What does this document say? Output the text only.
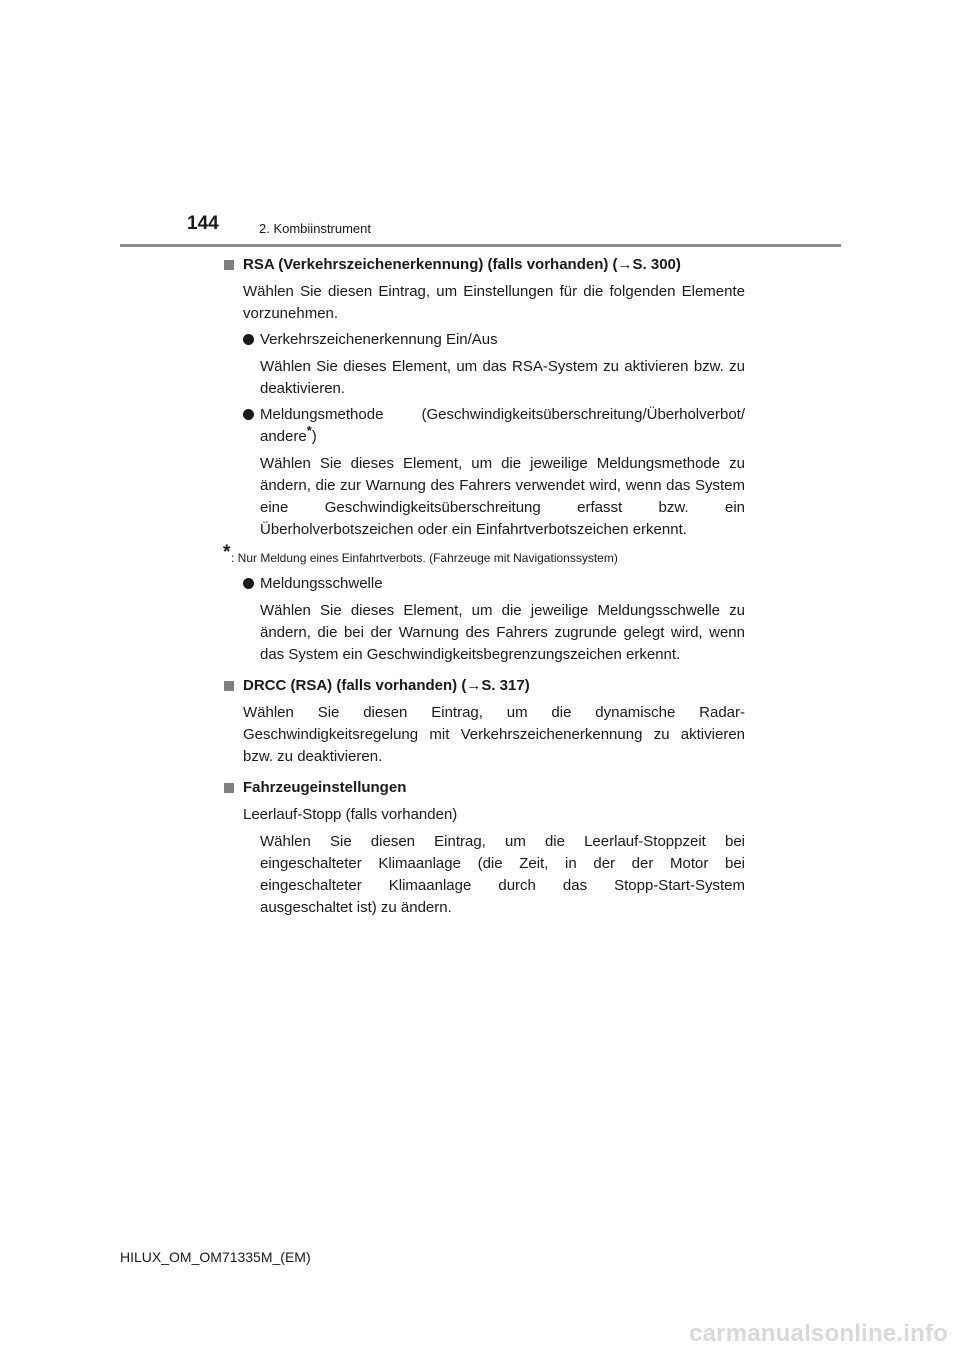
144	2. Kombiinstrument
RSA (Verkehrszeichenerkennung) (falls vorhanden) (→S. 300)
Wählen Sie diesen Eintrag, um Einstellungen für die folgenden Elemente vorzunehmen.
Verkehrszeichenerkennung Ein/Aus
Wählen Sie dieses Element, um das RSA-System zu aktivieren bzw. zu deaktivieren.
Meldungsmethode (Geschwindigkeitsüberschreitung/Überholverbot/
andere*)
Wählen Sie dieses Element, um die jeweilige Meldungsmethode zu ändern, die zur Warnung des Fahrers verwendet wird, wenn das System eine Geschwindigkeitsüberschreitung erfasst bzw. ein Überholverbotszeichen oder ein Einfahrtverbotszeichen erkennt.
* : Nur Meldung eines Einfahrtverbots. (Fahrzeuge mit Navigationssystem)
Meldungsschwelle
Wählen Sie dieses Element, um die jeweilige Meldungsschwelle zu ändern, die bei der Warnung des Fahrers zugrunde gelegt wird, wenn das System ein Geschwindigkeitsbegrenzungszeichen erkennt.
DRCC (RSA) (falls vorhanden) (→S. 317)
Wählen Sie diesen Eintrag, um die dynamische Radar-Geschwindigkeitsregelung mit Verkehrszeichenerkennung zu aktivieren bzw. zu deaktivieren.
Fahrzeugeinstellungen
Leerlauf-Stopp (falls vorhanden)
Wählen Sie diesen Eintrag, um die Leerlauf-Stoppzeit bei eingeschalteter Klimaanlage (die Zeit, in der der Motor bei eingeschalteter Klimaanlage durch das Stopp-Start-System ausgeschaltet ist) zu ändern.
HILUX_OM_OM71335M_(EM)
carmanualsonline.info
